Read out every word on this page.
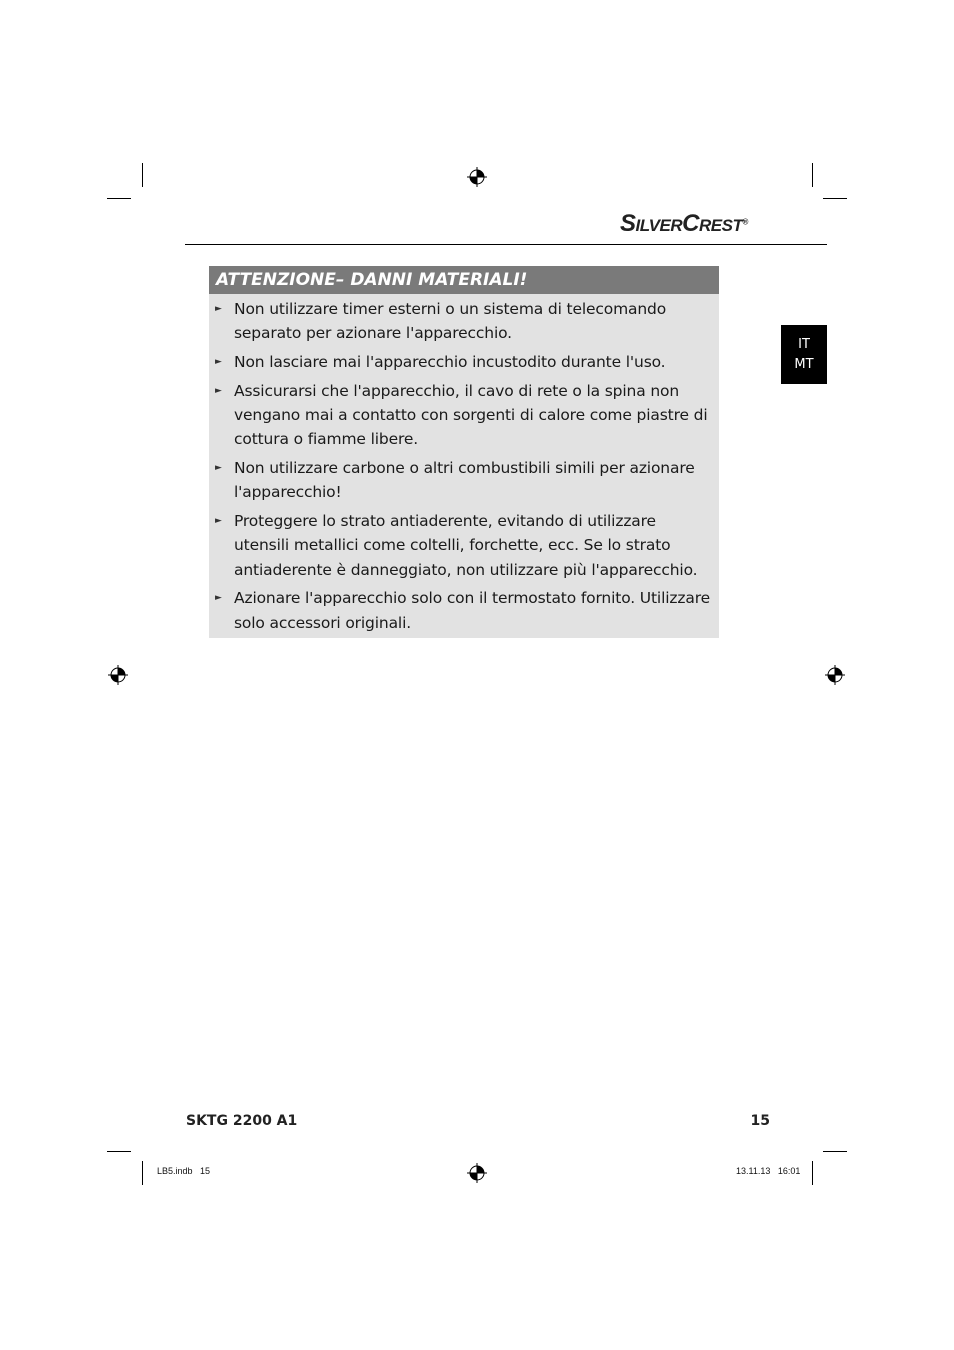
SILVERCREST®
IT
MT
ATTENZIONE– DANNI MATERIALI!
► Non utilizzare timer esterni o un sistema di telecomando separato per azionare l'apparecchio.
► Non lasciare mai l'apparecchio incustodito durante l'uso.
► Assicurarsi che l'apparecchio, il cavo di rete o la spina non vengano mai a contatto con sorgenti di calore come piastre di cottura o fiamme libere.
► Non utilizzare carbone o altri combustibili simili per azionare l'apparecchio!
► Proteggere lo strato antiaderente, evitando di utilizzare utensili metallici come coltelli, forchette, ecc. Se lo strato antiaderente è danneggiato, non utilizzare più l'apparecchio.
► Azionare l'apparecchio solo con il termostato fornito. Utilizzare solo accessori originali.
SKTG 2200 A1	15
LB5.indb   15	13.11.13   16:01
